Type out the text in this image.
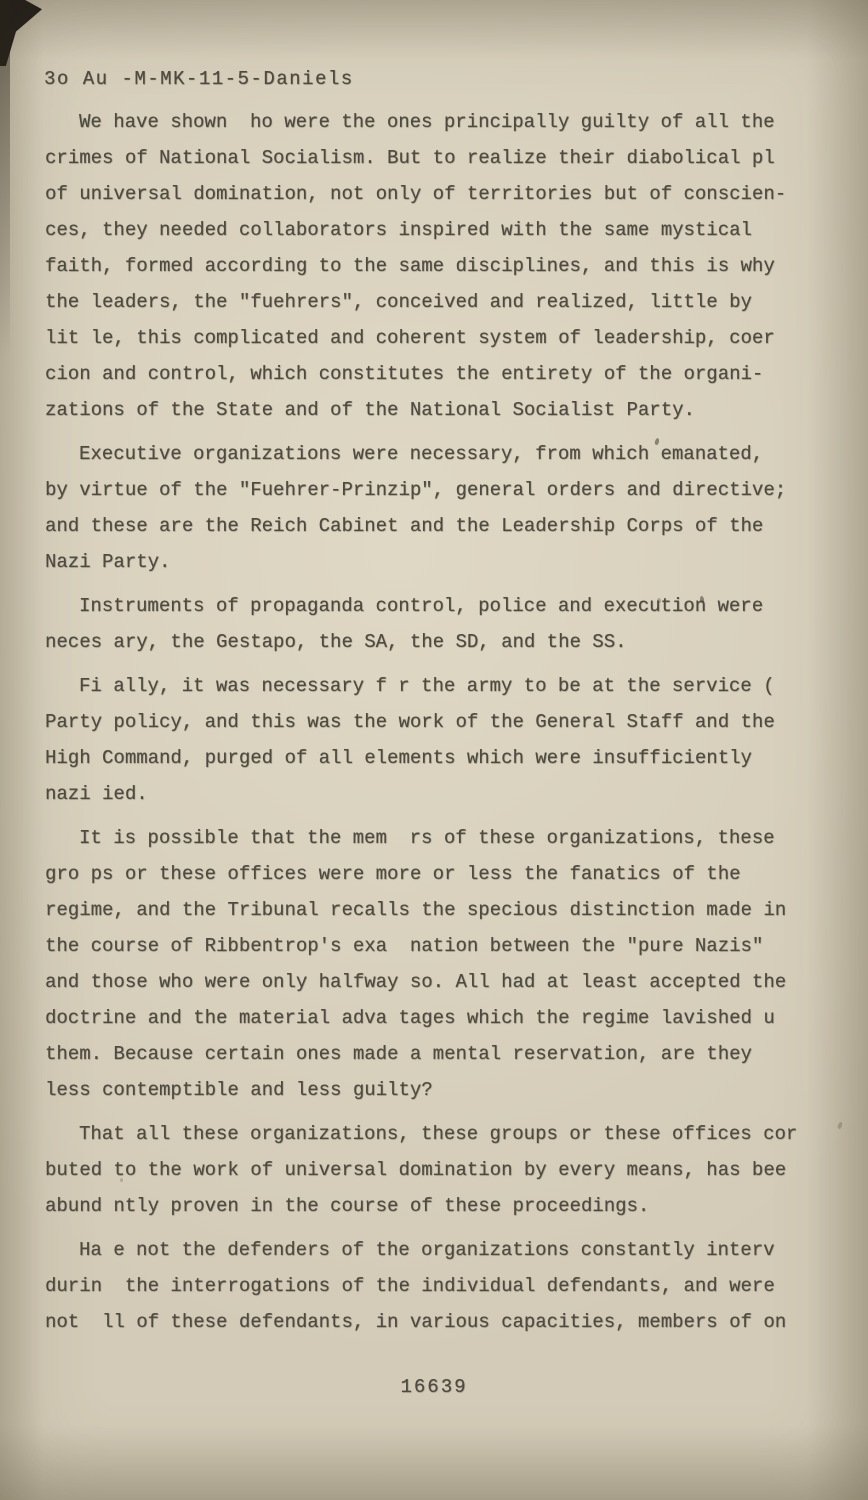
3o Au -M-MK-11-5-Daniels
We have shown  ho were the ones principally guilty of all the
crimes of National Socialism. But to realize their diabolical pl
of universal domination, not only of territories but of conscien-
ces, they needed collaborators inspired with the same mystical
faith, formed according to the same disciplines, and this is why
the leaders, the "fuehrers", conceived and realized, little by
lit le, this complicated and coherent system of leadership, coer
cion and control, which constitutes the entirety of the organi-
zations of the State and of the National Socialist Party.
Executive organizations were necessary, from which emanated,
by virtue of the "Fuehrer-Prinzip", general orders and directive;
and these are the Reich Cabinet and the Leadership Corps of the
Nazi Party.
Instruments of propaganda control, police and execution were
neces ary, the Gestapo, the SA, the SD, and the SS.
Fi ally, it was necessary f r the army to be at the service (
Party policy, and this was the work of the General Staff and the
High Command, purged of all elements which were insufficiently
nazi ied.
It is possible that the mem  rs of these organizations, these
gro ps or these offices were more or less the fanatics of the
regime, and the Tribunal recalls the specious distinction made in
the course of Ribbentrop's exa  nation between the "pure Nazis"
and those who were only halfway so. All had at least accepted the
doctrine and the material adva tages which the regime lavished u
them. Because certain ones made a mental reservation, are they
less contemptible and less guilty?
That all these organizations, these groups or these offices cor
buted to the work of universal domination by every means, has bee
abund ntly proven in the course of these proceedings.
Ha e not the defenders of the organizations constantly interv
durin  the interrogations of the individual defendants, and were
not  ll of these defendants, in various capacities, members of on
16639
